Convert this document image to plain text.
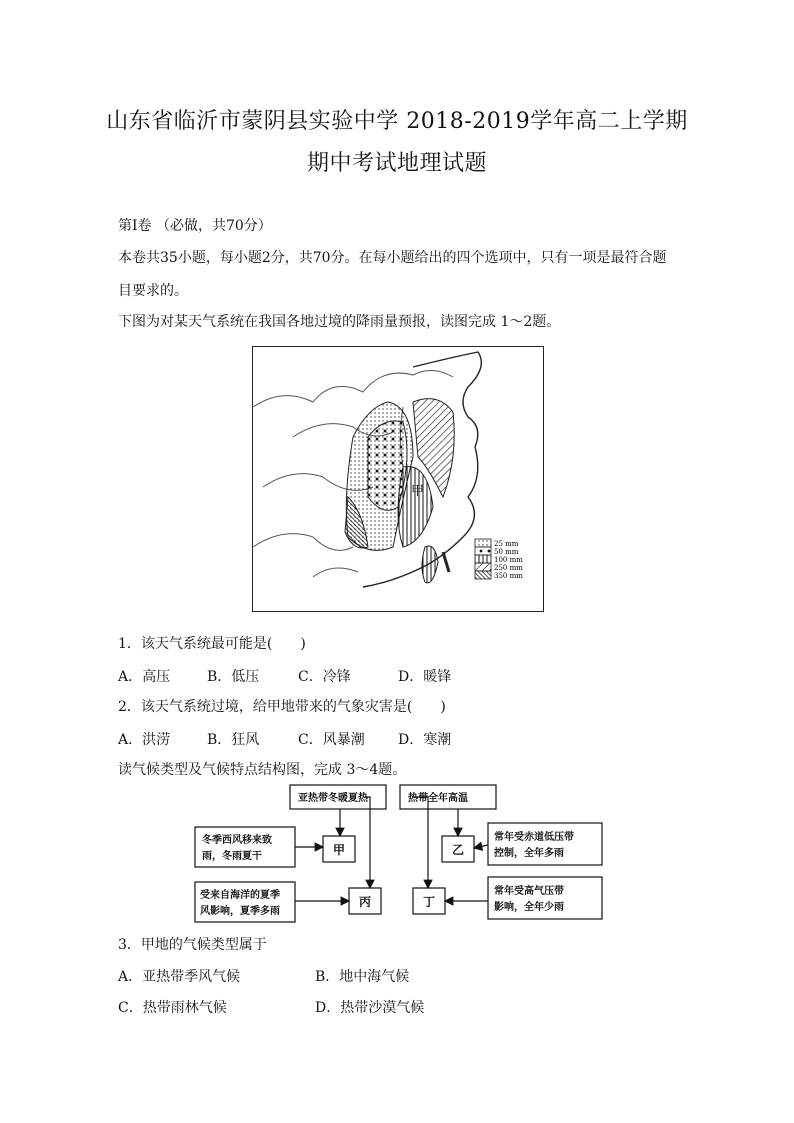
山东省临沂市蒙阴县实验中学 2018-2019学年高二上学期
期中考试地理试题
第Ⅰ卷 （必做，共70分）
本卷共35小题，每小题2分，共70分。在每小题给出的四个选项中，只有一项是最符合题
目要求的。
下图为对某天气系统在我国各地过境的降雨量预报，读图完成 1～2题。
甲
25 mm
50 mm
100 mm
250 mm
350 mm
1．该天气系统最可能是(　　)
A．高压	B．低压	C．冷锋	D．暖锋
2．该天气系统过境，给甲地带来的气象灾害是(　　)
A．洪涝	B．狂风	C．风暴潮 D．寒潮
读气候类型及气候特点结构图，完成 3～4题。
亚热带冬暖夏热	热带全年高温
冬季西风移来致
雨，冬雨夏干
受来自海洋的夏季
风影响，夏季多雨
常年受赤道低压带
控制，全年多雨
常年受高气压带
影响，全年少雨
甲	乙
丙	丁
3．甲地的气候类型属于
A．亚热带季风气候	B．地中海气候
C．热带雨林气候	D．热带沙漠气候
